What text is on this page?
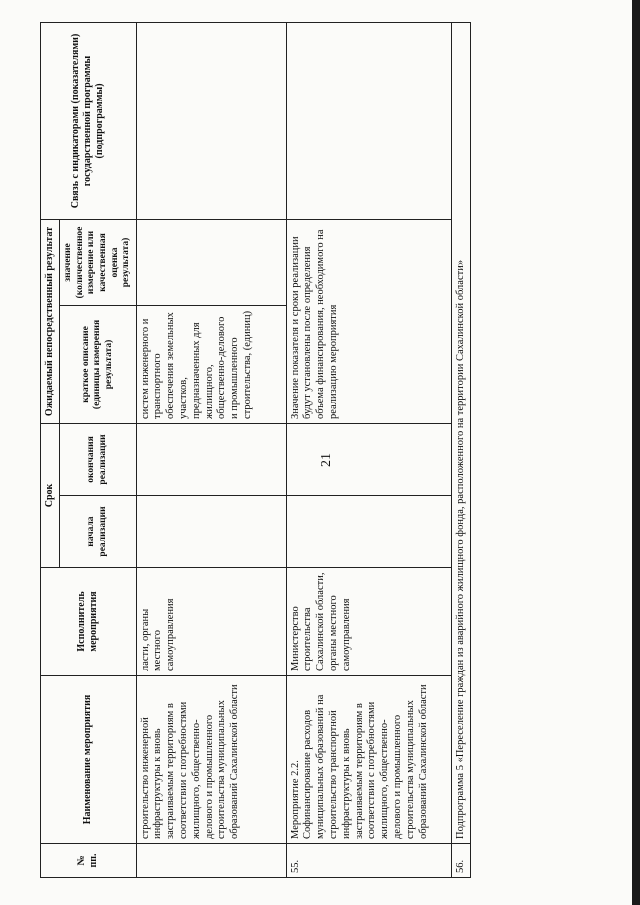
21
№ пп.	Наименование мероприятия	Исполнитель мероприятия	Срок		Ожидаемый непосредственный результат		Связь с индикаторами (показателями) государственной программы (подпрограммы)
			начала реализации	окончания реализации	краткое описание (единицы измерения результата)	значение (количественное измерение или качественная оценка результата)	
	строительство инженерной инфраструктуры к вновь застраиваемым территориям в соответствии с потребностями жилищного, общественно-делового и промышленного строительства муниципальных образований Сахалинской области	ласти, органы местного самоуправления			систем инженерного и транспортного обеспечения земельных участков, предназначенных для жилищного, общественно-делового и промышленного строительства, (единиц)		
55.	Мероприятие 2.2. Софинансирование расходов муниципальных образований на строительство транспортной инфраструктуры к вновь застраиваемым территориям в соответствии с потребностями жилищного, общественно-делового и промышленного строительства муниципальных образований Сахалинской области	Министерство строительства Сахалинской области, органы местного самоуправления			Значение показателя и сроки реализации будут установлены после определения объема финансирования, необходимого на реализацию мероприятия		
56.	Подпрограмма 5 «Переселение граждан из аварийного жилищного фонда, расположенного на территории Сахалинской области»						
